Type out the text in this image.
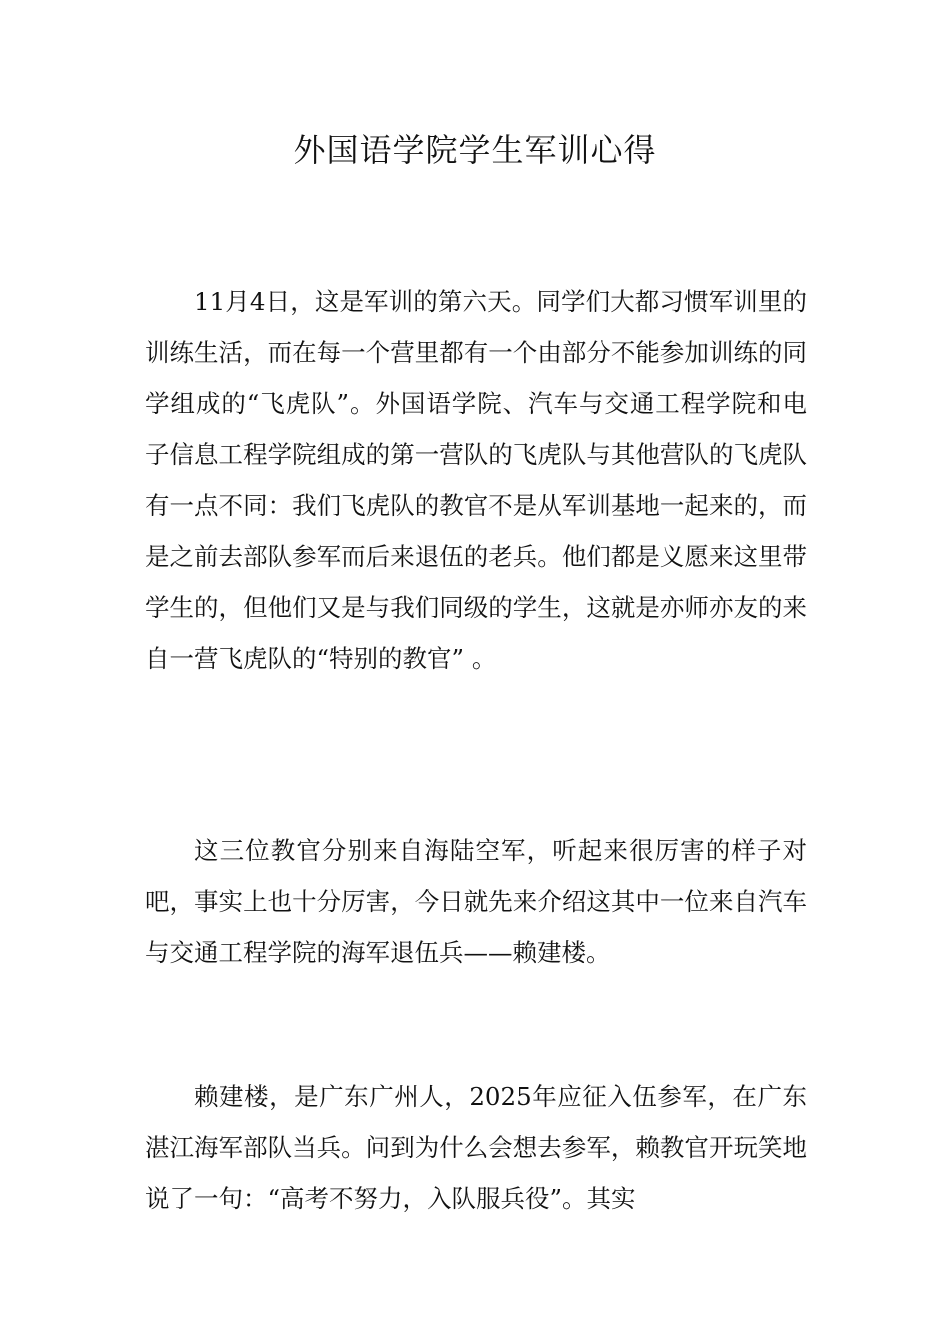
外国语学院学生军训心得

11月4日，这是军训的第六天。同学们大都习惯军训里的训练生活，而在每一个营里都有一个由部分不能参加训练的同学组成的“飞虎队”。外国语学院、汽车与交通工程学院和电子信息工程学院组成的第一营队的飞虎队与其他营队的飞虎队有一点不同：我们飞虎队的教官不是从军训基地一起来的，而是之前去部队参军而后来退伍的老兵。他们都是义愿来这里带学生的，但他们又是与我们同级的学生，这就是亦师亦友的来自一营飞虎队的“特别的教官” 。

这三位教官分别来自海陆空军，听起来很厉害的样子对吧，事实上也十分厉害，今日就先来介绍这其中一位来自汽车与交通工程学院的海军退伍兵——赖建楼。

赖建楼，是广东广州人，2025年应征入伍参军，在广东湛江海军部队当兵。问到为什么会想去参军，赖教官开玩笑地说了一句：“高考不努力，入队服兵役”。其实
